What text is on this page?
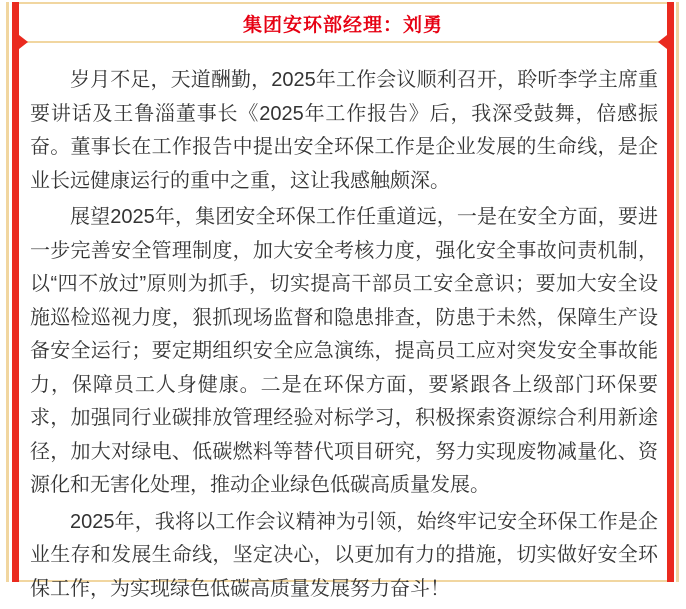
集团安环部经理：刘勇

岁月不足，天道酬勤，2025年工作会议顺利召开，聆听李学主席重要讲话及王鲁淄董事长《2025年工作报告》后，我深受鼓舞，倍感振奋。董事长在工作报告中提出安全环保工作是企业发展的生命线，是企业长远健康运行的重中之重，这让我感触颇深。

展望2025年，集团安全环保工作任重道远，一是在安全方面，要进一步完善安全管理制度，加大安全考核力度，强化安全事故问责机制，以“四不放过”原则为抓手，切实提高干部员工安全意识；要加大安全设施巡检巡视力度，狠抓现场监督和隐患排查，防患于未然，保障生产设备安全运行；要定期组织安全应急演练，提高员工应对突发安全事故能力，保障员工人身健康。二是在环保方面，要紧跟各上级部门环保要求，加强同行业碳排放管理经验对标学习，积极探索资源综合利用新途径，加大对绿电、低碳燃料等替代项目研究，努力实现废物减量化、资源化和无害化处理，推动企业绿色低碳高质量发展。

2025年，我将以工作会议精神为引领，始终牢记安全环保工作是企业生存和发展生命线，坚定决心，以更加有力的措施，切实做好安全环保工作，为实现绿色低碳高质量发展努力奋斗！
